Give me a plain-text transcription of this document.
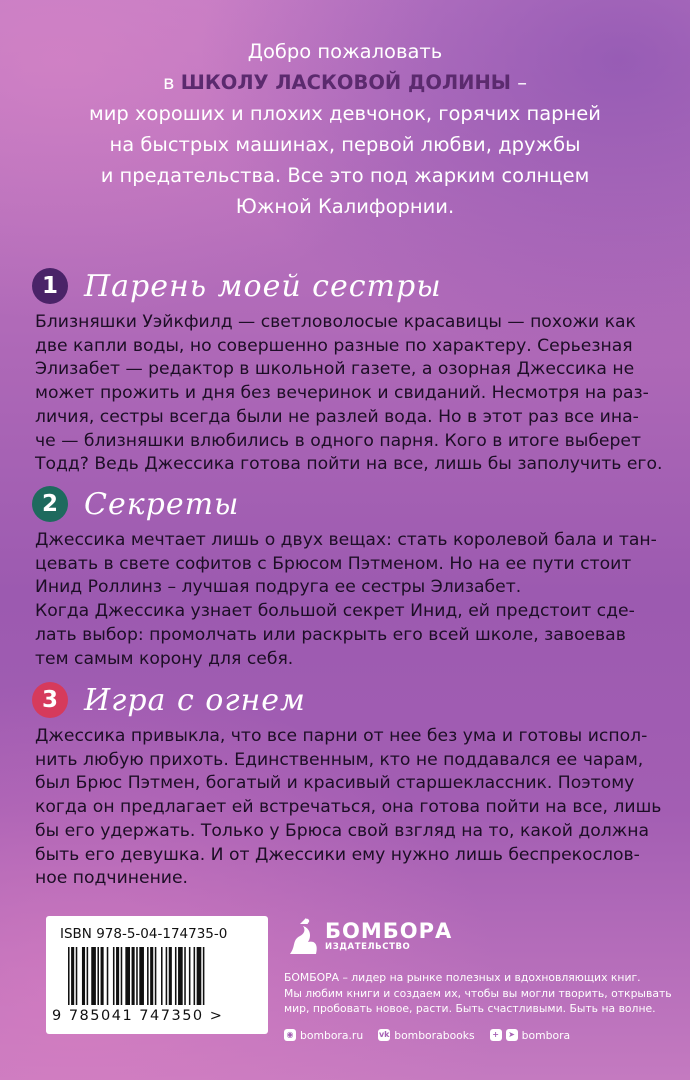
Добро пожаловать
в ШКОЛУ ЛАСКОВОЙ ДОЛИНЫ –
мир хороших и плохих девчонок, горячих парней
на быстрых машинах, первой любви, дружбы
и предательства. Все это под жарким солнцем
Южной Калифорнии.
1 Парень моей сестры

Близняшки Уэйкфилд — светловолосые красавицы — похожи как

две капли воды, но совершенно разные по характеру. Серьезная

Элизабет — редактор в школьной газете, а озорная Джессика не

может прожить и дня без вечеринок и свиданий. Несмотря на раз-

личия, сестры всегда были не разлей вода. Но в этот раз все ина-

че — близняшки влюбились в одного парня. Кого в итоге выберет

Тодд? Ведь Джессика готова пойти на все, лишь бы заполучить его.

2 Секреты

Джессика мечтает лишь о двух вещах: стать королевой бала и тан-

цевать в свете софитов с Брюсом Пэтменом. Но на ее пути стоит

Инид Роллинз – лучшая подруга ее сестры Элизабет.

Когда Джессика узнает большой секрет Инид, ей предстоит сде-

лать выбор: промолчать или раскрыть его всей школе, завоевав

тем самым корону для себя.

3 Игра с огнем

Джессика привыкла, что все парни от нее без ума и готовы испол-

нить любую прихоть. Единственным, кто не поддавался ее чарам,

был Брюс Пэтмен, богатый и красивый старшеклассник. Поэтому

когда он предлагает ей встречаться, она готова пойти на все, лишь

бы его удержать. Только у Брюса свой взгляд на то, какой должна

быть его девушка. И от Джессики ему нужно лишь беспрекослов-

ное подчинение.

ISBN 978-5-04-174735-0
9 785041 747350 >
БОМБОРА
ИЗДАТЕЛЬСТВО
БОМБОРА – лидер на рынке полезных и вдохновляющих книг.
Мы любим книги и создаем их, чтобы вы могли творить, открывать
мир, пробовать новое, расти. Быть счастливыми. Быть на волне.
◉ bombora.ru vk bomborabooks	+	➤ bombora
